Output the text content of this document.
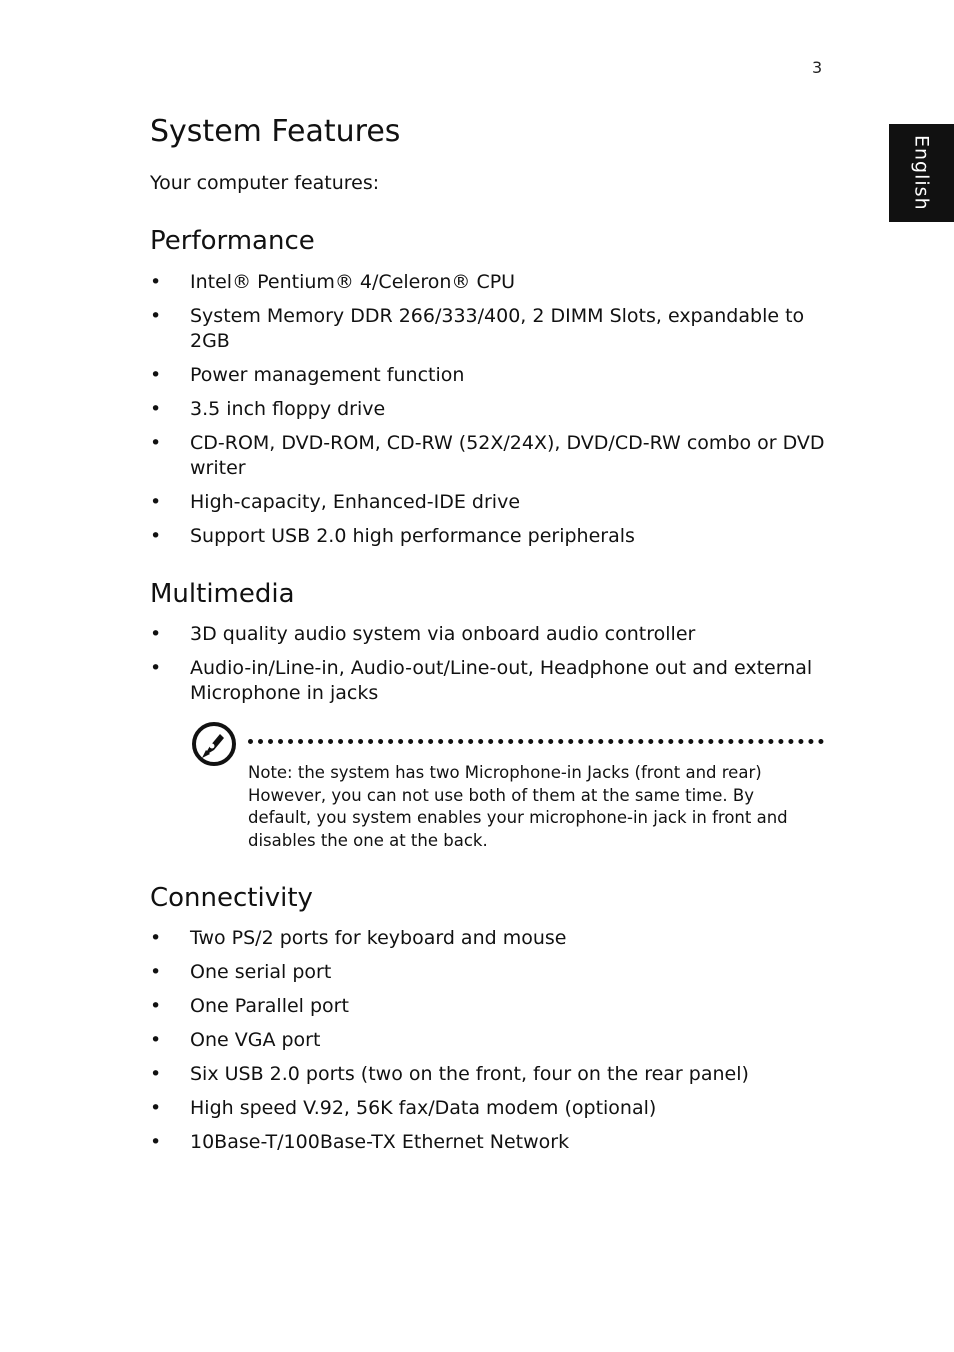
3
English
System Features

Your computer features:

Performance
• Intel® Pentium® 4/Celeron® CPU
• System Memory DDR 266/333/400, 2 DIMM Slots, expandable to 2GB
• Power management function
• 3.5 inch floppy drive
• CD-ROM, DVD-ROM, CD-RW (52X/24X), DVD/CD-RW combo or DVD writer
• High-capacity, Enhanced-IDE drive
• Support USB 2.0 high performance peripherals
Multimedia
• 3D quality audio system via onboard audio controller
• Audio-in/Line-in, Audio-out/Line-out, Headphone out and external Microphone in jacks

Note: the system has two Microphone-in Jacks (front and rear) However, you can not use both of them at the same time. By default, you system enables your microphone-in jack in front and disables the one at the back.

Connectivity
• Two PS/2 ports for keyboard and mouse
• One serial port
• One Parallel port
• One VGA port
• Six USB 2.0 ports (two on the front, four on the rear panel)
• High speed V.92, 56K fax/Data modem (optional)
• 10Base-T/100Base-TX Ethernet Network
